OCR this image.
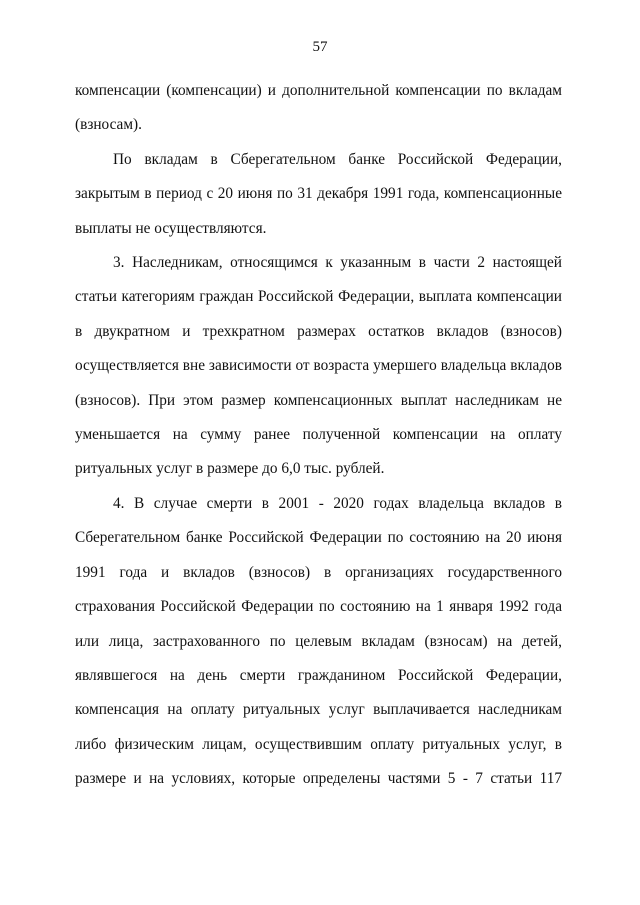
57

компенсации (компенсации) и дополнительной компенсации по вкладам
(взносам).

По вкладам в Сберегательном банке Российской Федерации,
закрытым в период с 20 июня по 31 декабря 1991 года, компенсационные
выплаты не осуществляются.

3. Наследникам, относящимся к указанным в части 2 настоящей
статьи категориям граждан Российской Федерации, выплата компенсации
в двукратном и трехкратном размерах остатков вкладов (взносов)
осуществляется вне зависимости от возраста умершего владельца вкладов
(взносов). При этом размер компенсационных выплат наследникам не
уменьшается на сумму ранее полученной компенсации на оплату
ритуальных услуг в размере до 6,0 тыс. рублей.

4. В случае смерти в 2001 - 2020 годах владельца вкладов в
Сберегательном банке Российской Федерации по состоянию на 20 июня
1991 года и вкладов (взносов) в организациях государственного
страхования Российской Федерации по состоянию на 1 января 1992 года
или лица, застрахованного по целевым вкладам (взносам) на детей,
являвшегося на день смерти гражданином Российской Федерации,
компенсация на оплату ритуальных услуг выплачивается наследникам
либо физическим лицам, осуществившим оплату ритуальных услуг, в
размере и на условиях, которые определены частями 5 - 7 статьи 117
